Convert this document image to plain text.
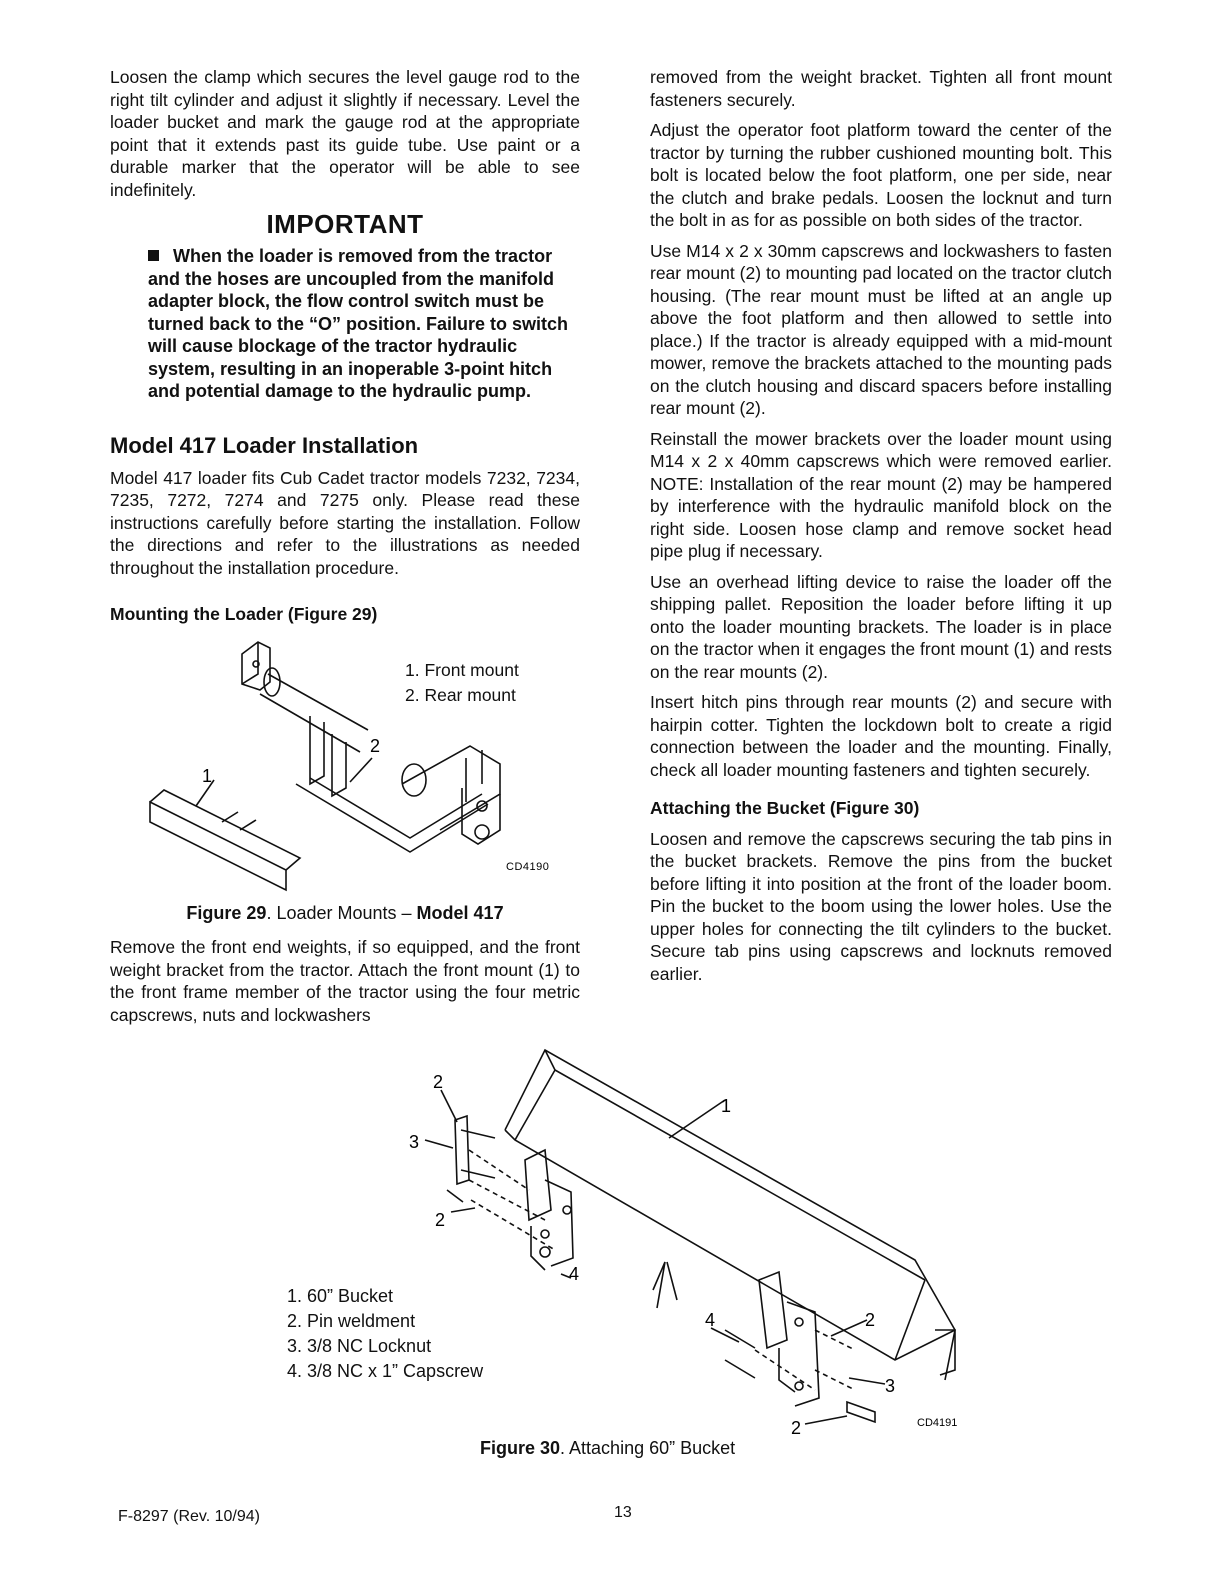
Loosen the clamp which secures the level gauge rod to the right tilt cylinder and adjust it slightly if necessary. Level the loader bucket and mark the gauge rod at the appropriate point that it extends past its guide tube. Use paint or a durable marker that the operator will be able to see indefinitely.

IMPORTANT
When the loader is removed from the tractor and the hoses are uncoupled from the manifold adapter block, the flow control switch must be turned back to the “O” position. Failure to switch will cause blockage of the tractor hydraulic system, resulting in an inoperable 3-point hitch and potential damage to the hydraulic pump.
Model 417 Loader Installation

Model 417 loader fits Cub Cadet tractor models 7232, 7234, 7235, 7272, 7274 and 7275 only. Please read these instructions carefully before starting the installation. Follow the directions and refer to the illustrations as needed throughout the installation procedure.

Mounting the Loader (Figure 29)
1
2
CD4190
1. Front mount
2. Rear mount
Figure 29. Loader Mounts – Model 417

Remove the front end weights, if so equipped, and the front weight bracket from the tractor. Attach the front mount (1) to the front frame member of the tractor using the four metric capscrews, nuts and lockwashers

removed from the weight bracket. Tighten all front mount fasteners securely.

Adjust the operator foot platform toward the center of the tractor by turning the rubber cushioned mounting bolt. This bolt is located below the foot platform, one per side, near the clutch and brake pedals. Loosen the locknut and turn the bolt in as for as possible on both sides of the tractor.

Use M14 x 2 x 30mm capscrews and lockwashers to fasten rear mount (2) to mounting pad located on the tractor clutch housing. (The rear mount must be lifted at an angle up above the foot platform and then allowed to settle into place.) If the tractor is already equipped with a mid-mount mower, remove the brackets attached to the mounting pads on the clutch housing and discard spacers before installing rear mount (2).

Reinstall the mower brackets over the loader mount using M14 x 2 x 40mm capscrews which were removed earlier. NOTE: Installation of the rear mount (2) may be hampered by interference with the hydraulic manifold block on the right side. Loosen hose clamp and remove socket head pipe plug if necessary.

Use an overhead lifting device to raise the loader off the shipping pallet. Reposition the loader before lifting it up onto the loader mounting brackets. The loader is in place on the tractor when it engages the front mount (1) and rests on the rear mounts (2).

Insert hitch pins through rear mounts (2) and secure with hairpin cotter. Tighten the lockdown bolt to create a rigid connection between the loader and the mounting. Finally, check all loader mounting fasteners and tighten securely.

Attaching the Bucket (Figure 30)

Loosen and remove the capscrews securing the tab pins in the bucket brackets. Remove the pins from the bucket before lifting it into position at the front of the loader boom. Pin the bucket to the boom using the lower holes. Use the upper holes for connecting the tilt cylinders to the bucket. Secure tab pins using capscrews and locknuts removed earlier.

2
3
2
4
1
4	2
3
2	CD4191
1. 60” Bucket
2. Pin weldment
3. 3/8 NC Locknut
4. 3/8 NC x 1” Capscrew
Figure 30. Attaching 60” Bucket
F-8297 (Rev. 10/94)	13
